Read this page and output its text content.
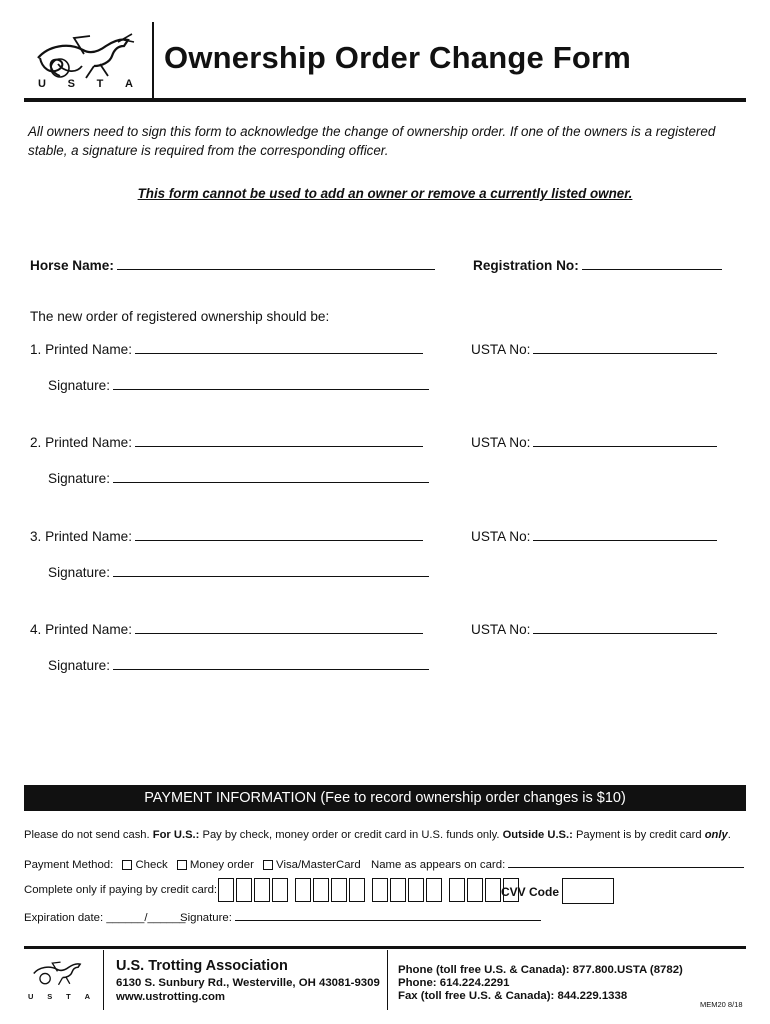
U S T A
Ownership Order Change Form
All owners need to sign this form to acknowledge the change of ownership order. If one of the owners is a registered stable, a signature is required from the corresponding officer.
This form cannot be used to add an owner or remove a currently listed owner.
Horse Name:	Registration No:
The new order of registered ownership should be:
1. Printed Name:	USTA No:
Signature:
2. Printed Name:	USTA No:
Signature:
3. Printed Name:	USTA No:
Signature:
4. Printed Name:	USTA No:
Signature:
PAYMENT INFORMATION (Fee to record ownership order changes is $10)
Please do not send cash. For U.S.: Pay by check, money order or credit card in U.S. funds only. Outside U.S.: Payment is by credit card only.
Payment Method: Check Money order Visa/MasterCard Name as appears on card:
Complete only if paying by credit card:	CVV Code
Expiration date: ______/______
Signature:
U S T A
U.S. Trotting Association
6130 S. Sunbury Rd., Westerville, OH 43081-9309
www.ustrotting.com
Phone (toll free U.S. & Canada): 877.800.USTA (8782)
Phone: 614.224.2291
Fax (toll free U.S. & Canada): 844.229.1338
MEM20 8/18
